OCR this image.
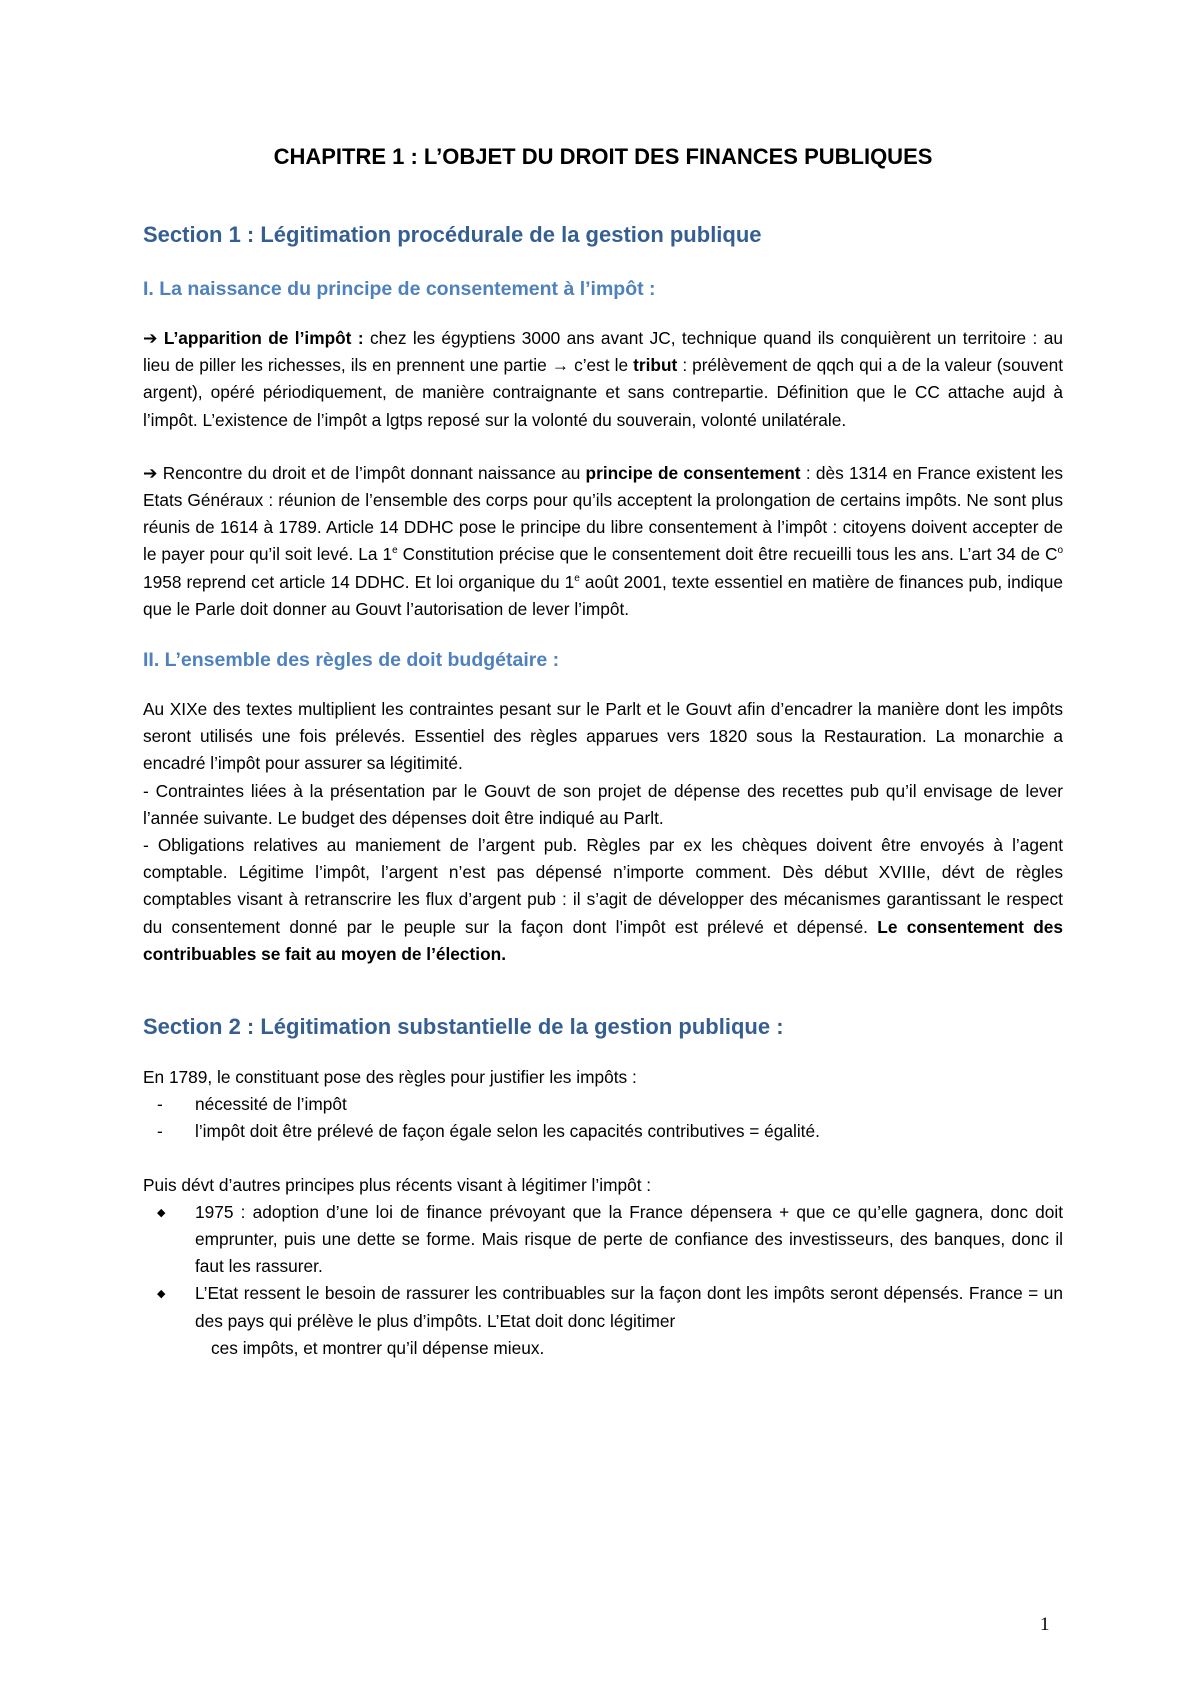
CHAPITRE 1 : L’OBJET DU DROIT DES FINANCES PUBLIQUES
Section 1 : Légitimation procédurale de la gestion publique
I. La naissance du principe de consentement à l’impôt :

➔ L’apparition de l’impôt : chez les égyptiens 3000 ans avant JC, technique quand ils conquièrent un territoire : au lieu de piller les richesses, ils en prennent une partie → c’est le tribut : prélèvement de qqch qui a de la valeur (souvent argent), opéré périodiquement, de manière contraignante et sans contrepartie. Définition que le CC attache aujd à l’impôt. L’existence de l’impôt a lgtps reposé sur la volonté du souverain, volonté unilatérale.

➔ Rencontre du droit et de l’impôt donnant naissance au principe de consentement : dès 1314 en France existent les Etats Généraux : réunion de l’ensemble des corps pour qu’ils acceptent la prolongation de certains impôts. Ne sont plus réunis de 1614 à 1789. Article 14 DDHC pose le principe du libre consentement à l’impôt : citoyens doivent accepter de le payer pour qu’il soit levé. La 1e Constitution précise que le consentement doit être recueilli tous les ans. L’art 34 de $C^o$ 1958 reprend cet article 14 DDHC. Et loi organique du 1e août 2001, texte essentiel en matière de finances pub, indique que le Parle doit donner au Gouvt l’autorisation de lever l’impôt.

II. L’ensemble des règles de doit budgétaire :

Au XIXe des textes multiplient les contraintes pesant sur le Parlt et le Gouvt afin d’encadrer la manière dont les impôts seront utilisés une fois prélevés. Essentiel des règles apparues vers 1820 sous la Restauration. La monarchie a encadré l’impôt pour assurer sa légitimité.

- Contraintes liées à la présentation par le Gouvt de son projet de dépense des recettes pub qu’il envisage de lever l’année suivante. Le budget des dépenses doit être indiqué au Parlt.

- Obligations relatives au maniement de l’argent pub. Règles par ex les chèques doivent être envoyés à l’agent comptable. Légitime l’impôt, l’argent n’est pas dépensé n’importe comment. Dès début XVIIIe, dévt de règles comptables visant à retranscrire les flux d’argent pub : il s’agit de développer des mécanismes garantissant le respect du consentement donné par le peuple sur la façon dont l’impôt est prélevé et dépensé. Le consentement des contribuables se fait au moyen de l’élection.

Section 2 : Légitimation substantielle de la gestion publique :

En 1789, le constituant pose des règles pour justifier les impôts :

- nécessité de l’impôt
- l’impôt doit être prélevé de façon égale selon les capacités contributives = égalité.

Puis dévt d’autres principes plus récents visant à légitimer l’impôt :

◆ 1975 : adoption d’une loi de finance prévoyant que la France dépensera + que ce qu’elle gagnera, donc doit emprunter, puis une dette se forme. Mais risque de perte de confiance des investisseurs, des banques, donc il faut les rassurer.
◆ L’Etat ressent le besoin de rassurer les contribuables sur la façon dont les impôts seront dépensés. France = un des pays qui prélève le plus d’impôts. L’Etat doit donc légitimer
ces impôts, et montrer qu’il dépense mieux.
1
